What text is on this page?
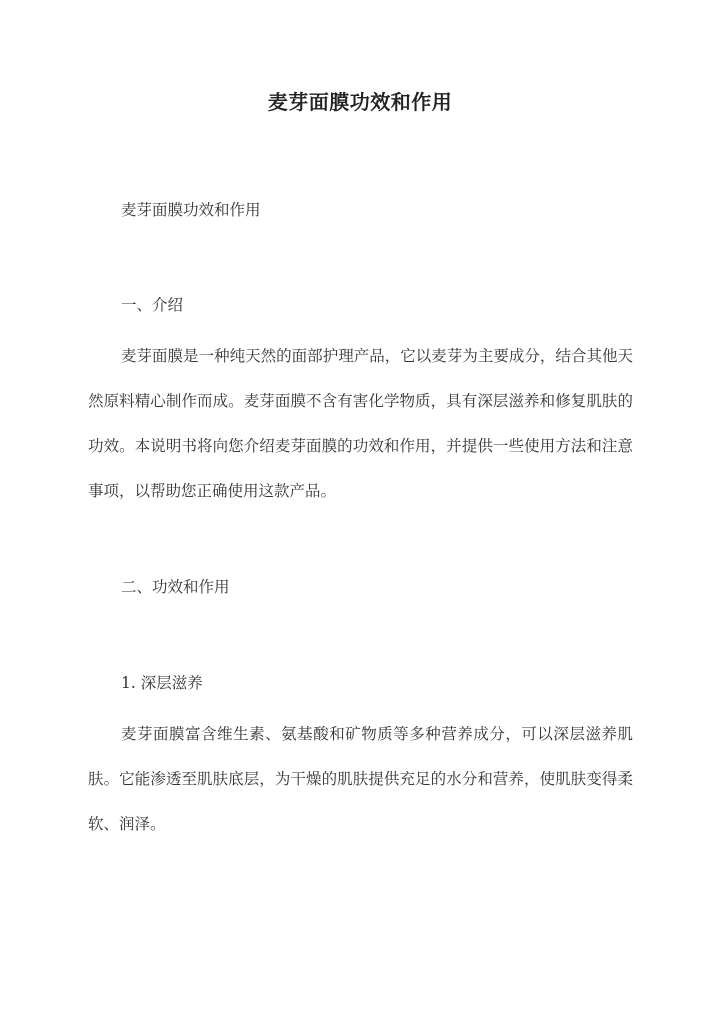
麦芽面膜功效和作用
麦芽面膜功效和作用
一、介绍
麦芽面膜是一种纯天然的面部护理产品，它以麦芽为主要成分，结合其他天然原料精心制作而成。麦芽面膜不含有害化学物质，具有深层滋养和修复肌肤的功效。本说明书将向您介绍麦芽面膜的功效和作用，并提供一些使用方法和注意事项，以帮助您正确使用这款产品。
二、功效和作用
1. 深层滋养
麦芽面膜富含维生素、氨基酸和矿物质等多种营养成分，可以深层滋养肌肤。它能渗透至肌肤底层，为干燥的肌肤提供充足的水分和营养，使肌肤变得柔软、润泽。
